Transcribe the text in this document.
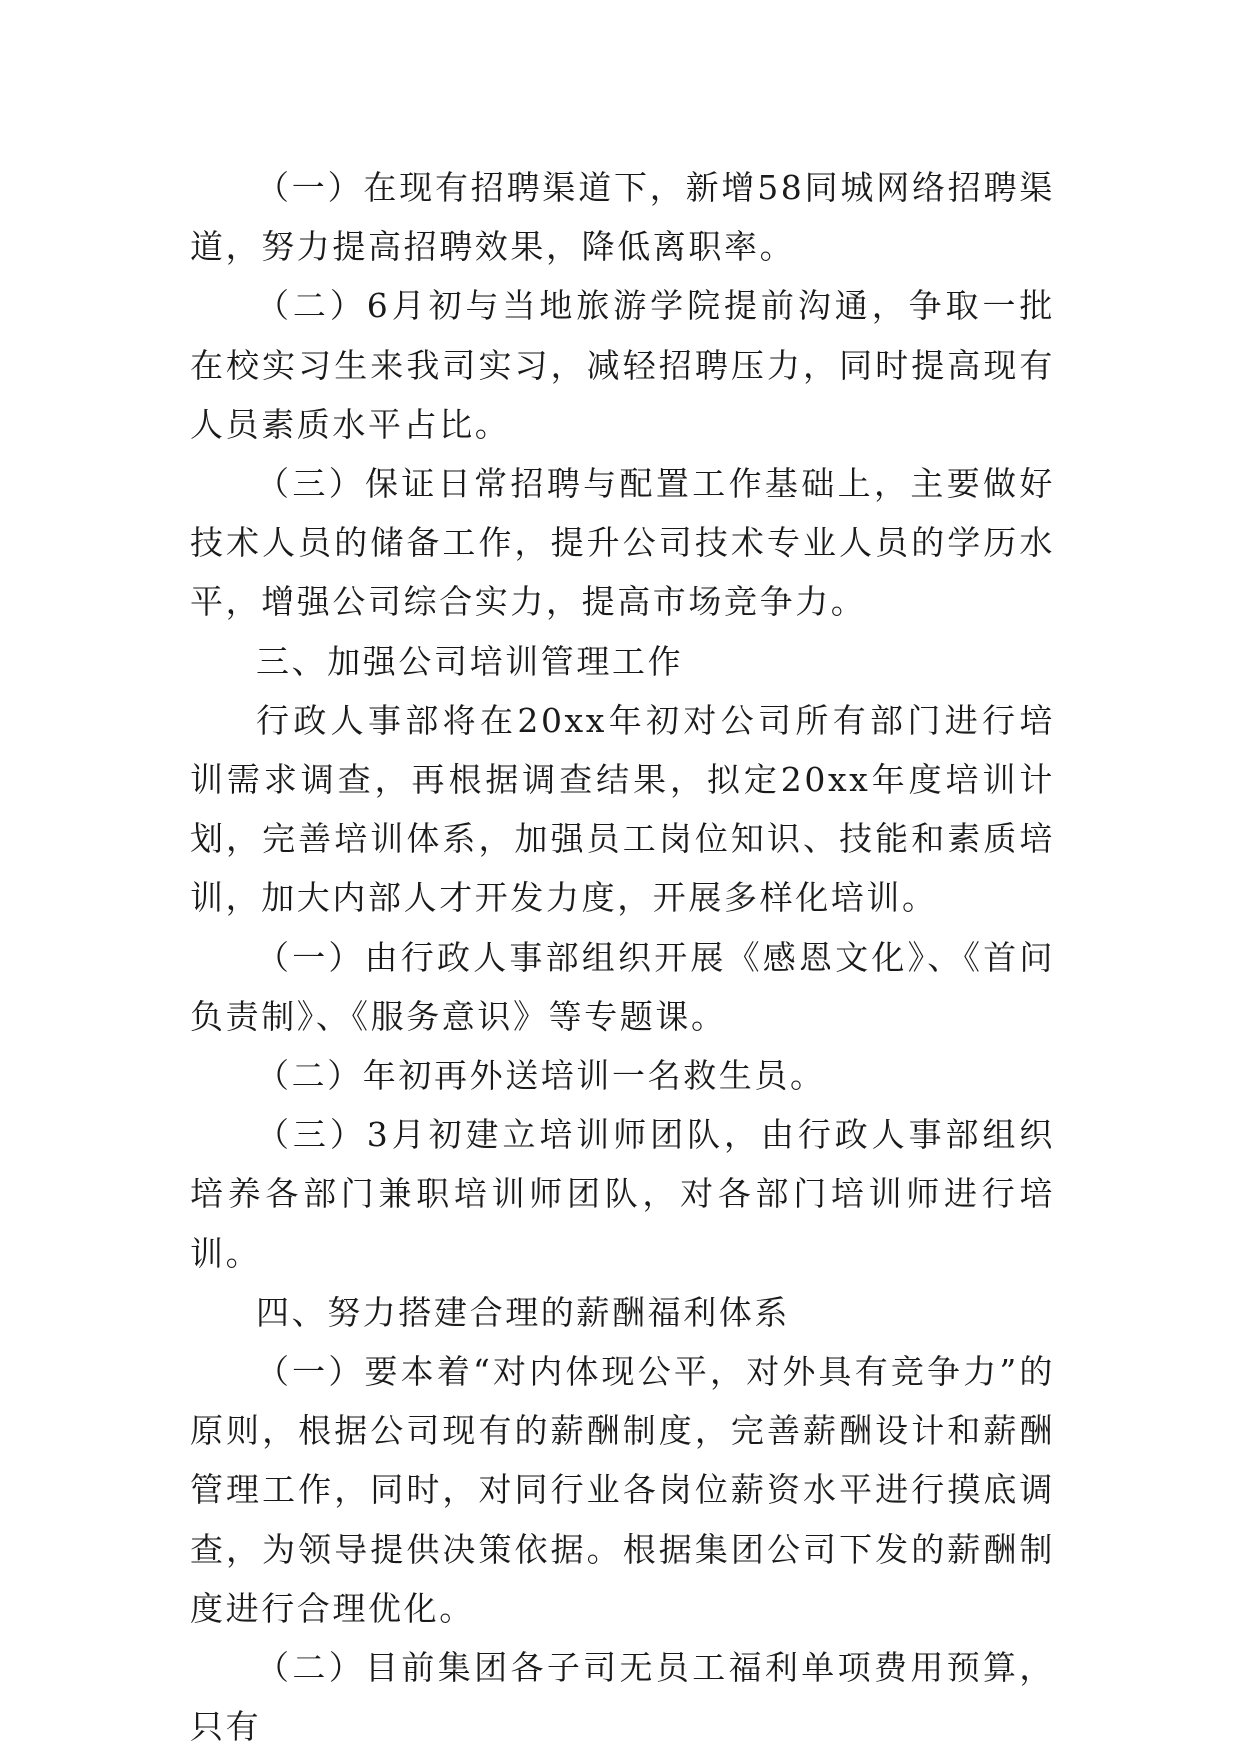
（一）在现有招聘渠道下，新增58同城网络招聘渠道，努力提高招聘效果，降低离职率。

（二）6月初与当地旅游学院提前沟通，争取一批在校实习生来我司实习，减轻招聘压力，同时提高现有人员素质水平占比。

（三）保证日常招聘与配置工作基础上，主要做好技术人员的储备工作，提升公司技术专业人员的学历水平，增强公司综合实力，提高市场竞争力。

三、加强公司培训管理工作

行政人事部将在20xx年初对公司所有部门进行培训需求调查，再根据调查结果，拟定20xx年度培训计划，完善培训体系，加强员工岗位知识、技能和素质培训，加大内部人才开发力度，开展多样化培训。

（一）由行政人事部组织开展《感恩文化》、《首问负责制》、《服务意识》等专题课。

（二）年初再外送培训一名救生员。

（三）3月初建立培训师团队，由行政人事部组织培养各部门兼职培训师团队，对各部门培训师进行培训。

四、努力搭建合理的薪酬福利体系

（一）要本着“对内体现公平，对外具有竞争力”的原则，根据公司现有的薪酬制度，完善薪酬设计和薪酬管理工作，同时，对同行业各岗位薪资水平进行摸底调查，为领导提供决策依据。根据集团公司下发的薪酬制度进行合理优化。

（二）目前集团各子司无员工福利单项费用预算，只有
